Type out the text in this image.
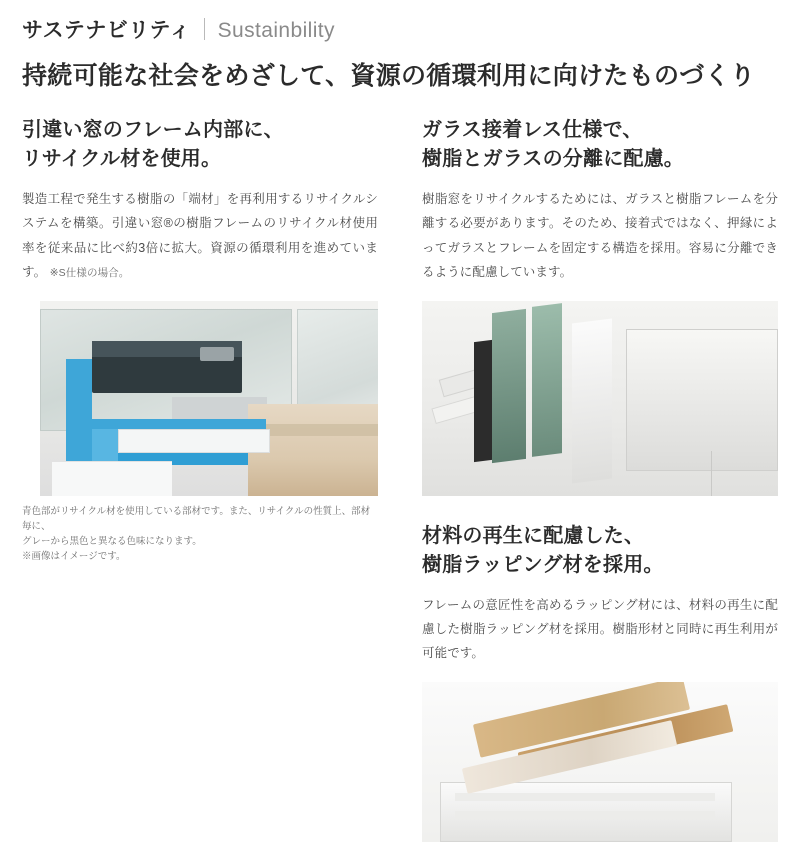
サステナビリティ Sustainbility
持続可能な社会をめざして、資源の循環利用に向けたものづくり
引違い窓のフレーム内部に、
リサイクル材を使用。
製造工程で発生する樹脂の「端材」を再利用するリサイクルシステムを構築。引違い窓®の樹脂フレームのリサイクル材使用率を従来品に比べ約3倍に拡大。資源の循環利用を進めています。 ※S仕様の場合。
青色部がリサイクル材を使用している部材です。また、リサイクルの性質上、部材毎に、
グレーから黒色と異なる色味になります。
※画像はイメージです。
ガラス接着レス仕様で、
樹脂とガラスの分離に配慮。
樹脂窓をリサイクルするためには、ガラスと樹脂フレームを分離する必要があります。そのため、接着式ではなく、押縁によってガラスとフレームを固定する構造を採用。容易に分離できるように配慮しています。
材料の再生に配慮した、
樹脂ラッピング材を採用。
フレームの意匠性を高めるラッピング材には、材料の再生に配慮した樹脂ラッピング材を採用。樹脂形材と同時に再生利用が可能です。
